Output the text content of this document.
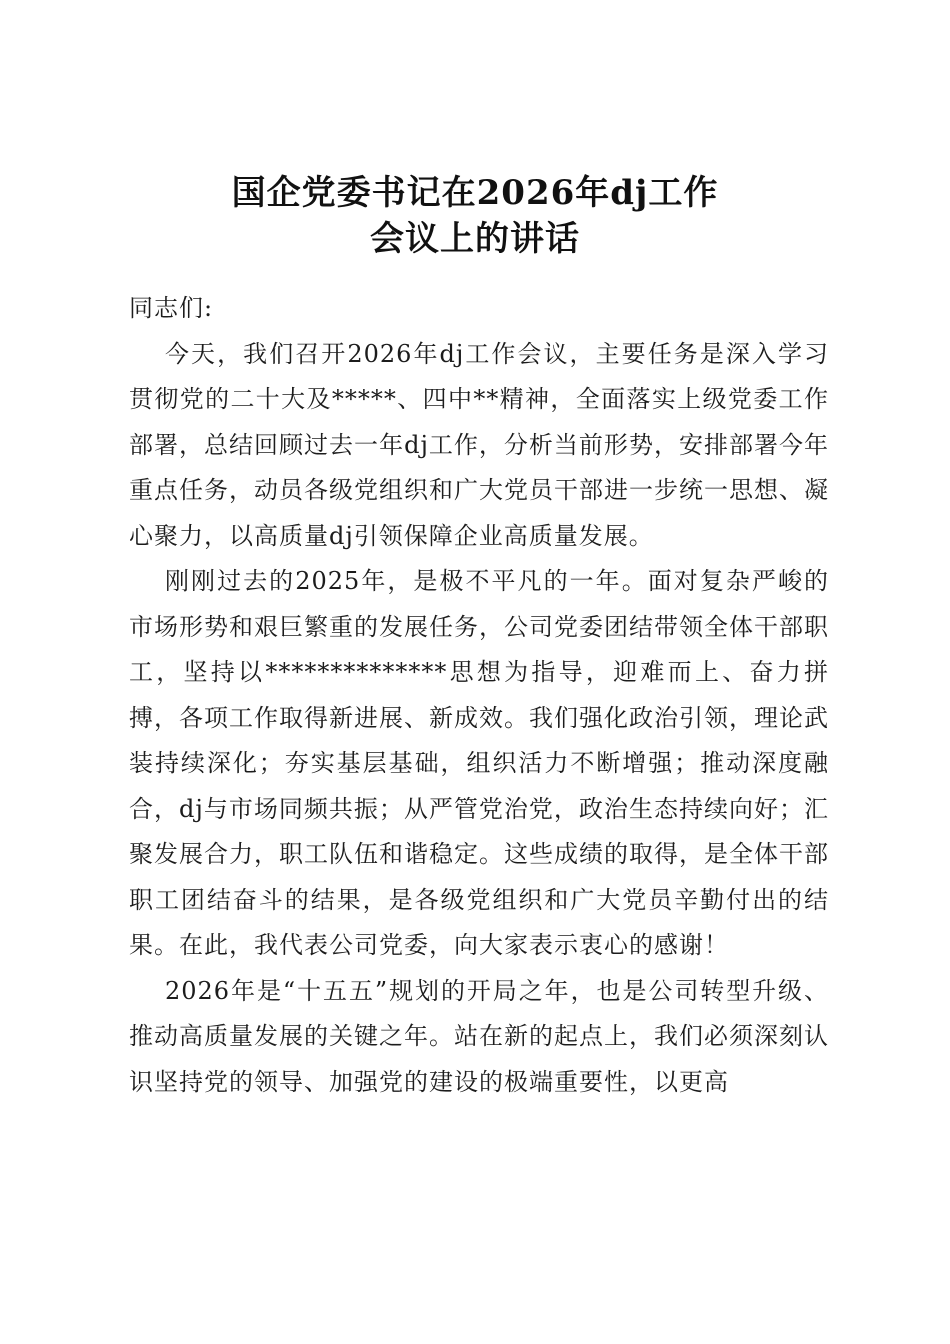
国企党委书记在2026年dj工作
会议上的讲话

同志们:

今天，我们召开2026年dj工作会议，主要任务是深入学习贯彻党的二十大及*****、四中**精神，全面落实上级党委工作部署，总结回顾过去一年dj工作，分析当前形势，安排部署今年重点任务，动员各级党组织和广大党员干部进一步统一思想、凝心聚力，以高质量dj引领保障企业高质量发展。

刚刚过去的2025年，是极不平凡的一年。面对复杂严峻的市场形势和艰巨繁重的发展任务，公司党委团结带领全体干部职工，坚持以**************思想为指导，迎难而上、奋力拼搏，各项工作取得新进展、新成效。我们强化政治引领，理论武装持续深化；夯实基层基础，组织活力不断增强；推动深度融合，dj与市场同频共振；从严管党治党，政治生态持续向好；汇聚发展合力，职工队伍和谐稳定。这些成绩的取得，是全体干部职工团结奋斗的结果，是各级党组织和广大党员辛勤付出的结果。在此，我代表公司党委，向大家表示衷心的感谢！

2026年是“十五五”规划的开局之年，也是公司转型升级、推动高质量发展的关键之年。站在新的起点上，我们必须深刻认识坚持党的领导、加强党的建设的极端重要性，以更高
